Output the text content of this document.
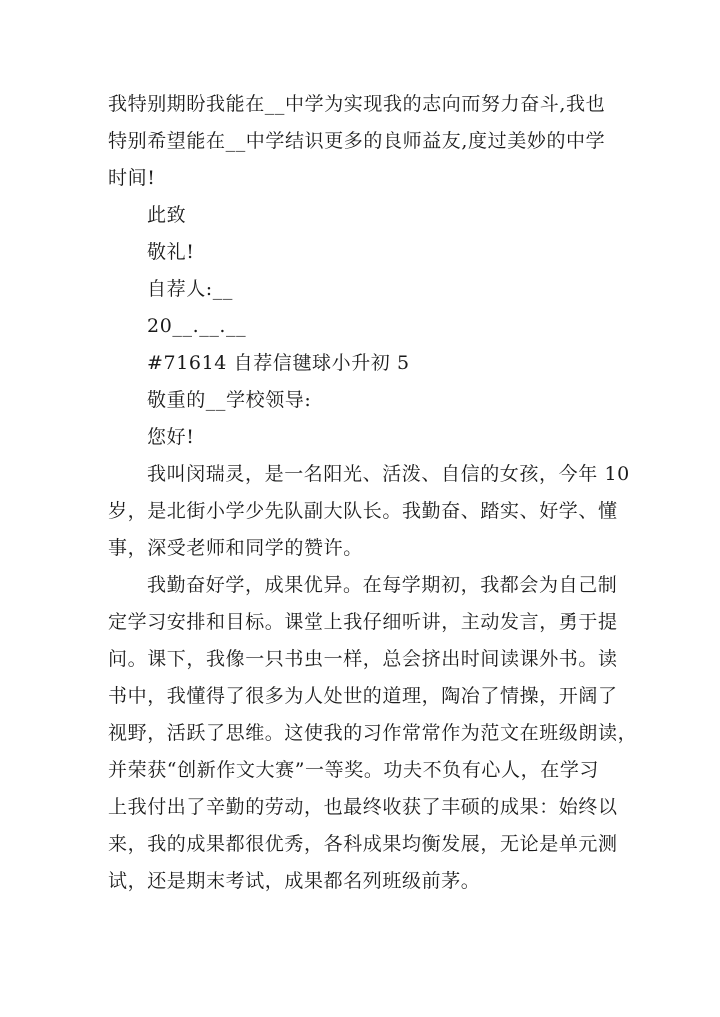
我特别期盼我能在__中学为实现我的志向而努力奋斗,我也
特别希望能在__中学结识更多的良师益友,度过美妙的中学
时间!
此致
敬礼!
自荐人:__
20__.__.__
#71614 自荐信毽球小升初 5
敬重的__学校领导:
您好!
我叫闵瑞灵，是一名阳光、活泼、自信的女孩，今年 10
岁，是北街小学少先队副大队长。我勤奋、踏实、好学、懂
事，深受老师和同学的赞许。
我勤奋好学，成果优异。在每学期初，我都会为自己制
定学习安排和目标。课堂上我仔细听讲，主动发言，勇于提
问。课下，我像一只书虫一样，总会挤出时间读课外书。读
书中，我懂得了很多为人处世的道理，陶冶了情操，开阔了
视野，活跃了思维。这使我的习作常常作为范文在班级朗读，
并荣获“创新作文大赛”一等奖。功夫不负有心人，在学习
上我付出了辛勤的劳动，也最终收获了丰硕的成果：始终以
来，我的成果都很优秀，各科成果均衡发展，无论是单元测
试，还是期末考试，成果都名列班级前茅。
